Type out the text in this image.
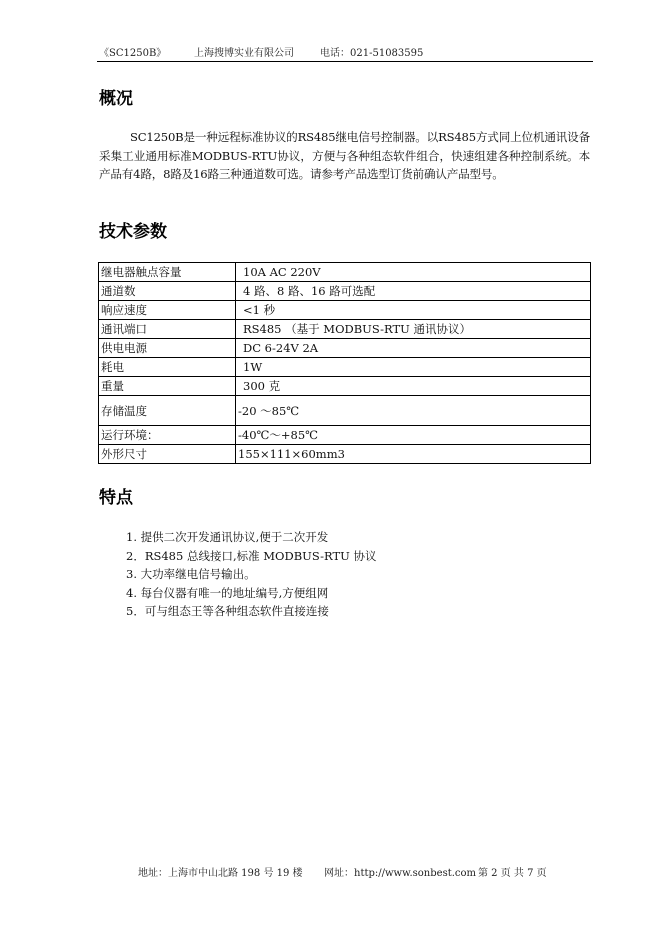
《SC1250B》	上海搜博实业有限公司	电话：021-51083595
概况

SC1250B是一种远程标准协议的RS485继电信号控制器。以RS485方式同上位机通讯设备采集工业通用标准MODBUS-RTU协议，方便与各种组态软件组合，快速组建各种控制系统。本产品有4路，8路及16路三种通道数可选。请参考产品选型订货前确认产品型号。

技术参数
继电器触点容量	10A AC 220V
通道数	4 路、8 路、16 路可选配
响应速度	<1 秒
通讯端口	RS485 （基于 MODBUS-RTU 通讯协议）
供电电源	DC 6-24V 2A
耗电	1W
重量	300 克
存储温度	-20 ～85℃
运行环境：	-40℃～+85℃
外形尺寸	155×111×60mm3
特点
1. 提供二次开发通讯协议,便于二次开发
2．RS485 总线接口,标准 MODBUS-RTU 协议
3. 大功率继电信号输出。
4. 每台仪器有唯一的地址编号,方便组网
5．可与组态王等各种组态软件直接连接
地址：上海市中山北路 198 号 19 楼 网址：http://www.sonbest.com 第 2 页 共 7 页
